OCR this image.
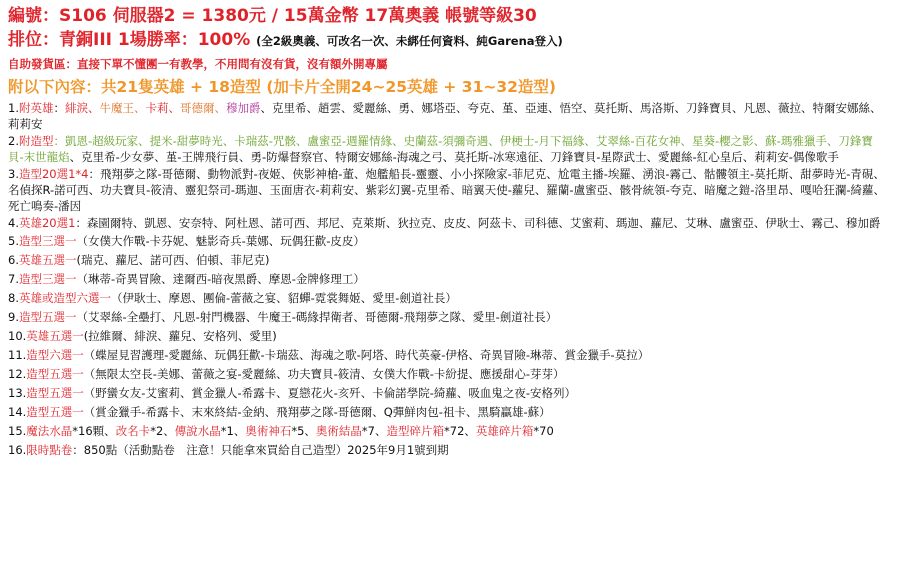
編號：S106 伺服器2 = 1380元 / 15萬金幣 17萬奧義 帳號等級30
排位：青銅III 1場勝率：100% (全2級奧義、可改名一次、未綁任何資料、純Garena登入)
自助發貨區：直接下單不懂團一有教學，不用問有沒有貨，沒有額外開專屬
附以下內容：共21隻英雄 + 18造型 (加卡片全開24~25英雄 + 31~32造型)
1.附英雄：緋淚、牛魔王、卡莉、哥德爾、穆加爵、克里希、趙雲、愛麗絲、勇、娜塔亞、夸克、堇、亞連、悟空、莫托斯、馬洛斯、刀鋒寶貝、凡恩、薇拉、特爾安娜絲、莉莉安
2.附造型：凱恩-超級玩家、提米-甜夢時光、卡瑞茲-咒骸、盧蜜亞-週羅情緣、史蘭茲-須彌奇遇、伊梗士-月下福緣、艾翠絲-百花女神、星葵-櫻之影、蘇-瑪雅獵手、刀鋒寶貝-末世龍焰、克里希-少女夢、堇-王牌飛行員、勇-防爆督察官、特爾安娜絲-海魂之弓、莫托斯-冰寒遠征、刀鋒寶貝-星際武士、愛麗絲-紅心皇后、莉莉安-偶像歌手
3.造型20選1*4：飛翔夢之隊-哥德爾、動物派對-夜姬、俠影神槍-董、炮艦船長-靈靈、小小探險家-菲尼克、尬電主播-埃羅、湧浪-霧己、骷髏領主-莫托斯、甜夢時光-青硯、名偵探R-諾可西、功夫寶貝-筱清、靈犯祭司-瑪迦、玉面唐衣-莉莉安、紫彩幻翼-克里希、暗翼天使-蘿兒、羅蘭-盧蜜亞、骸骨統領-夸克、暗魔之鎧-洛里昂、嘎哈狂瀾-綺蘿、死亡鳴奏-潘因
4.英雄20選1：森園爾特、凱恩、安奈特、阿杜恩、諾可西、邦尼、克萊斯、狄拉克、皮皮、阿茲卡、司科德、艾蜜莉、瑪迦、蘿尼、艾琳、盧蜜亞、伊耿士、霧己、穆加爵
5.造型三選一（女僕大作戰-卡芬妮、魅影奇兵-葉娜、玩偶狂歡-皮皮）
6.英雄五選一(瑞克、蘿尼、諾可西、伯頓、菲尼克)
7.造型三選一（琳蒂-奇異冒險、達爾西-暗夜黑爵、摩恩-金牌修理工）
8.英雄或造型六選一（伊耿士、摩恩、團倫-蕾薇之宴、貂蟬-霓裳舞姬、愛里-劍道社長）
9.造型五選一（艾翠絲-全壘打、凡恩-射門機器、牛魔王-碼緣捍衛者、哥德爾-飛翔夢之隊、愛里-劍道社長）
10.英雄五選一(拉維爾、緋淚、蘿兒、安格列、愛里)
11.造型六選一（蝶屋見習護理-愛麗絲、玩偶狂歡-卡瑞茲、海魂之歌-阿塔、時代英豪-伊格、奇異冒險-琳蒂、賞金獵手-莫拉）
12.造型五選一（無限太空長-美娜、蕾薇之宴-愛麗絲、功夫寶貝-筱清、女僕大作戰-卡紛提、應援甜心-芽芽）
13.造型五選一（野蠻女友-艾蜜莉、賞金獵人-希露卡、夏戀花火-亥歼、卡倫諾學院-綺蘿、吸血鬼之夜-安格列）
14.造型五選一（賞金獵手-希露卡、末來終結-金納、飛翔夢之隊-哥德爾、Q彈鮮肉包-祖卡、黑騎贏雄-蘇）
15.魔法水晶*16顆、改名卡*2、傳說水晶*1、奧術神石*5、奧術結晶*7、造型碎片箱*72、英雄碎片箱*70
16.限時點卷：850點（活動點卷　注意！只能拿來買給自己造型）2025年9月1號到期
